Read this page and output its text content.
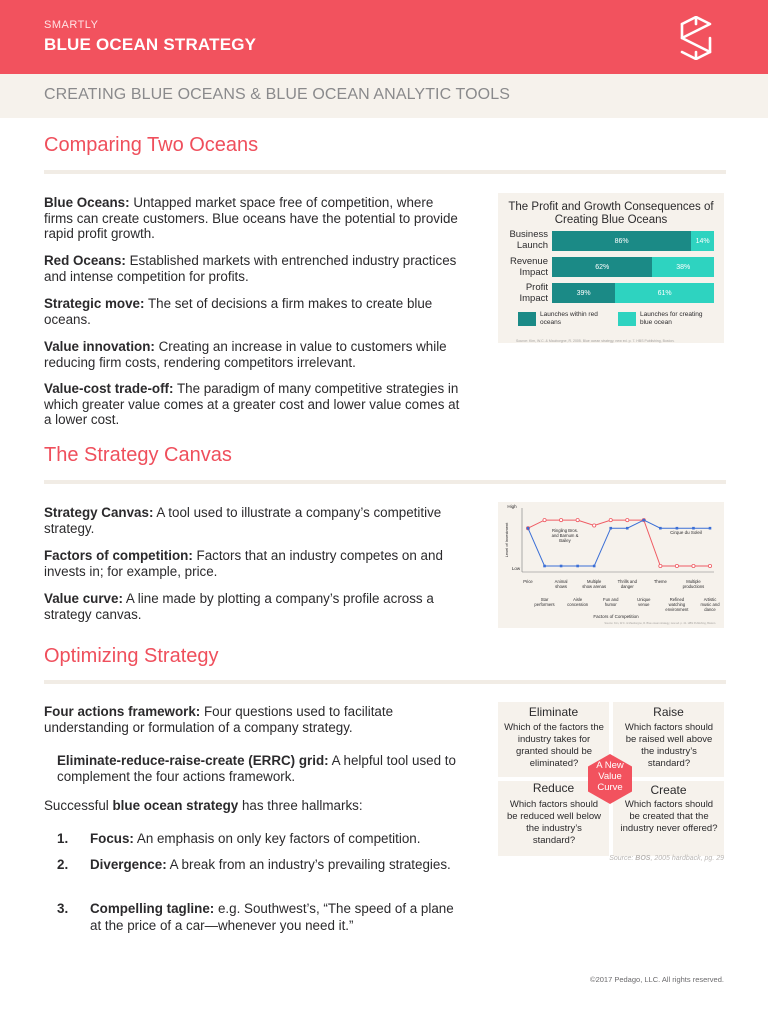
SMARTLY
BLUE OCEAN STRATEGY
CREATING BLUE OCEANS & BLUE OCEAN ANALYTIC TOOLS
Comparing Two Oceans
Blue Oceans: Untapped market space free of competition, where firms can create customers. Blue oceans have the potential to provide rapid profit growth.
Red Oceans: Established markets with entrenched industry practices and intense competition for profits.
Strategic move: The set of decisions a firm makes to create blue oceans.
Value innovation: Creating an increase in value to customers while reducing firm costs, rendering competitors irrelevant.
Value-cost trade-off: The paradigm of many competitive strategies in which greater value comes at a greater cost and lower value comes at a lower cost.
The Profit and Growth Consequences of Creating Blue Oceans
Business Launch
Revenue Impact
Profit Impact
86%	14%
62%	38%
39%	61%
Launches within red oceans
Launches for creating blue ocean
Source: Kim, W.C. & Mauborgne, R. 2005. Blue ocean strategy, new ed. p. 7. HBS Publishing, Boston.
The Strategy Canvas
Strategy Canvas: A tool used to illustrate a company’s competitive strategy.
Factors of competition: Factors that an industry competes on and invests in; for example, price.
Value curve: A line made by plotting a company’s profile across a strategy canvas.
High
Low
Level of Investment	Ringling Bros.
and Barnum &
Bailey
Cirque du Soleil
Price
Star
performers
Animal
shows
Aisle
concession
Multiple
show arenas
Fun and
humor
Thrills and
danger
Unique
venue
Theme
Refined
watching
environment
Multiple
productions
Artistic
music and
dance
Factors of Competition
Source: Kim, W.C. & Mauborgne, R. Blue ocean strategy, new ed. p. 41. HBS Publishing, Boston.
Optimizing Strategy
Four actions framework: Four questions used to facilitate understanding or formulation of a company strategy.
Eliminate-reduce-raise-create (ERRC) grid: A helpful tool used to complement the four actions framework.
Successful blue ocean strategy has three hallmarks:
1. Focus: An emphasis on only key factors of competition.
2. Divergence: A break from an industry’s prevailing strategies.
3. Compelling tagline: e.g. Southwest’s, “The speed of a plane at the price of a car—whenever you need it.”
Eliminate
Which of the factors the industry takes for granted should be eliminated?
Raise
Which factors should be raised well above the industry’s standard?
Reduce
Which factors should be reduced well below the industry’s standard?
Create
Which factors should be created that the industry never offered?
A New Value Curve
Source: BOS, 2005 hardback, pg. 29
©2017 Pedago, LLC. All rights reserved.
